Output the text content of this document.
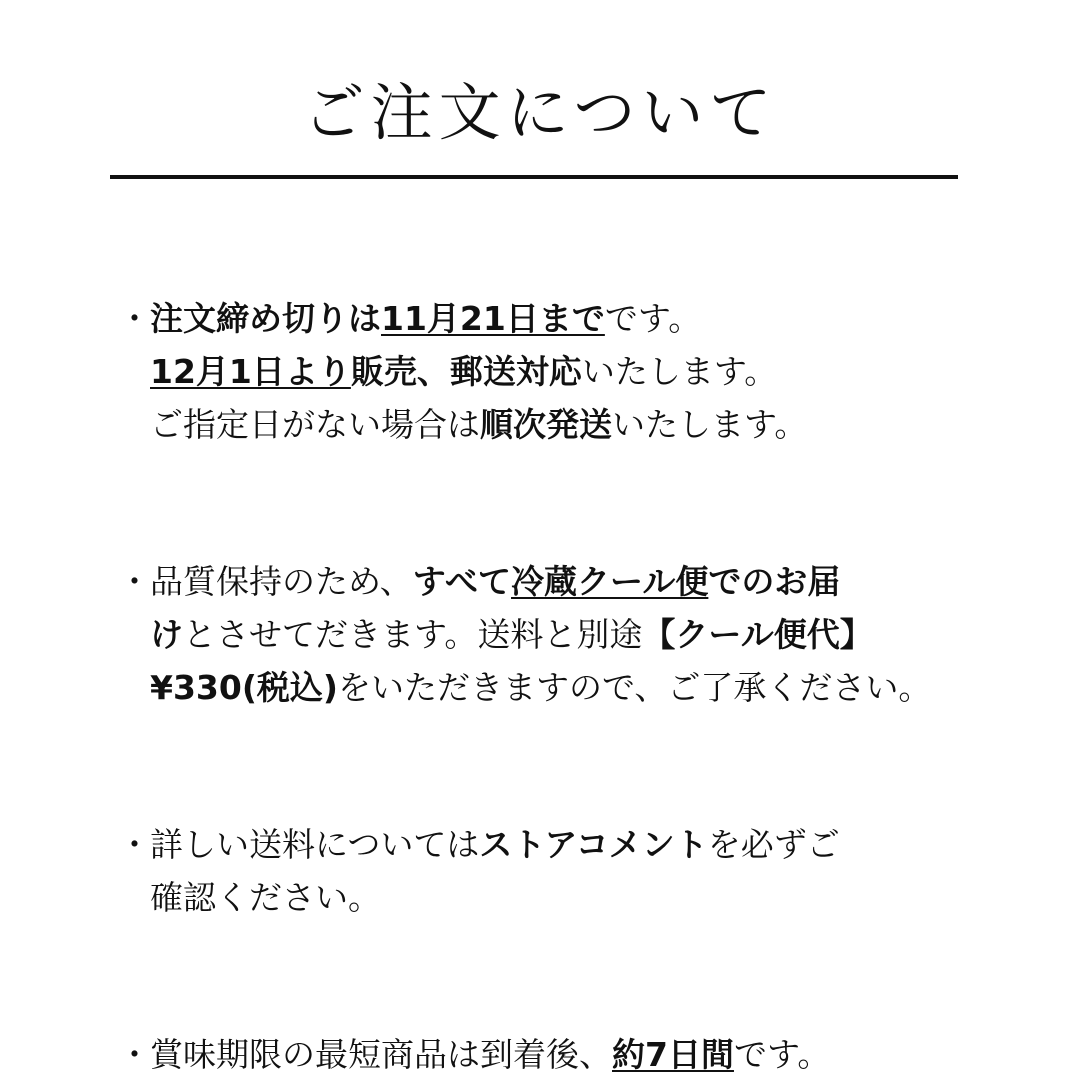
ご注文について
・ 注文締め切りは11月21日までです。
12月1日より販売、郵送対応いたします。
ご指定日がない場合は順次発送いたします。
・ 品質保持のため、すべて冷蔵クール便でのお届
けとさせてだきます。送料と別途【クール便代】
¥330(税込)をいただきますので、ご了承ください。
・ 詳しい送料についてはストアコメントを必ずご
確認ください。
・ 賞味期限の最短商品は到着後、約7日間です。
